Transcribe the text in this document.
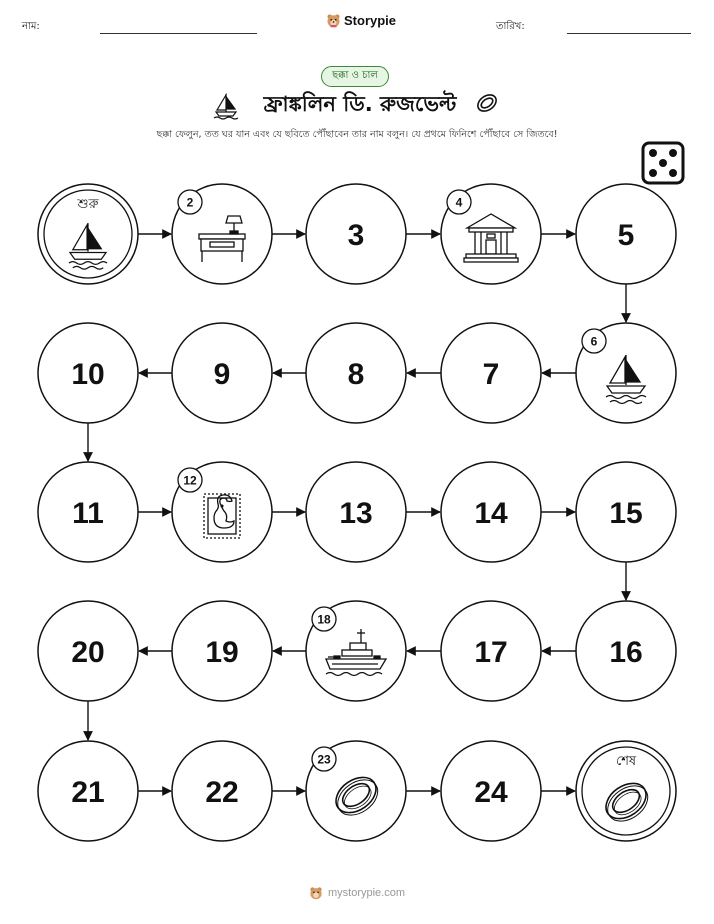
নাম:	Storypie	তারিখ:
ছক্কা ও চাল
ফ্রাঙ্কলিন ডি. রুজভেল্ট
ছক্কা ফেলুন, তত ঘর যান এবং যে ছবিতে পৌঁছাবেন তার নাম বলুন। যে প্রথমে ফিনিশে পৌঁছাবে সে জিতবে!
শুরু	2
3
4
5
6
7
8
9
10
11
12
13	14	15
16
17
18
19
20
21	22
23
24
শেষ
mystorypie.com
